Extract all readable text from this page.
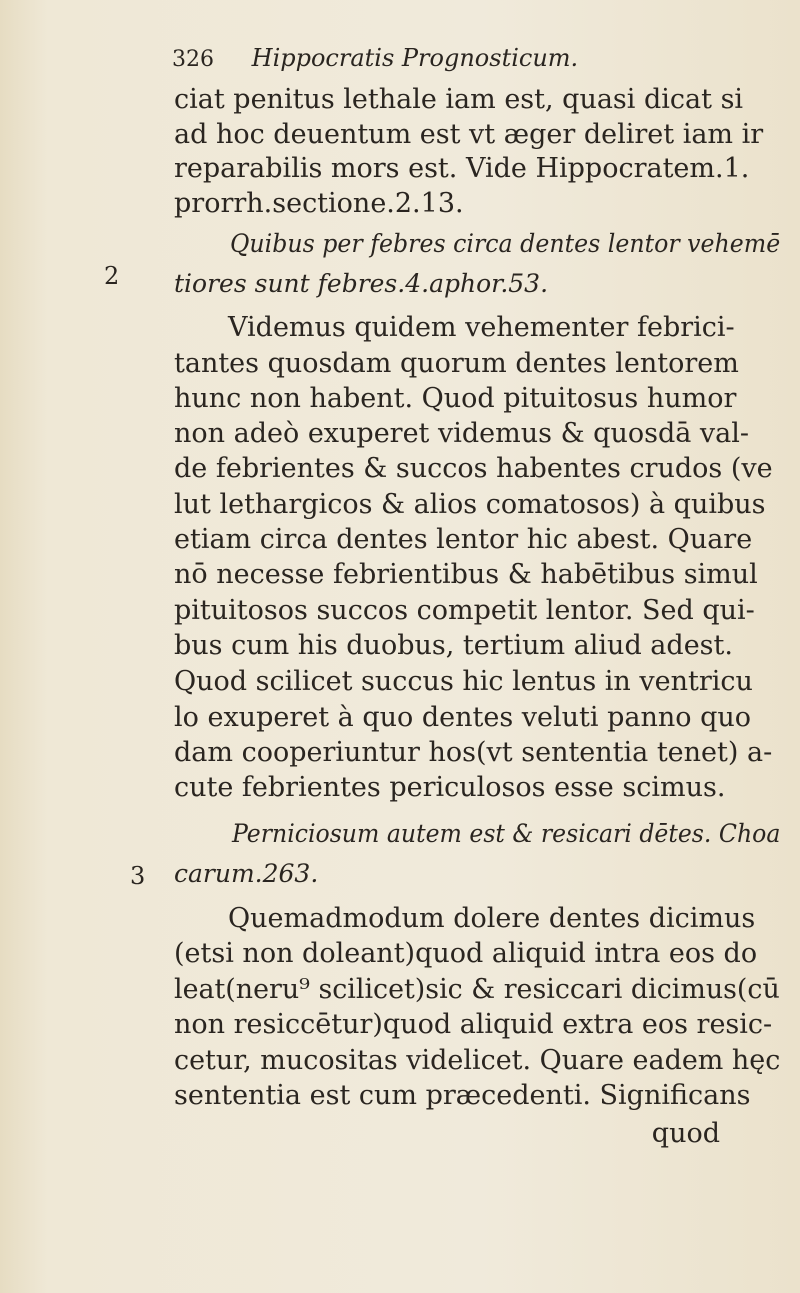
326 Hippocratis Prognosticum.
2
3
ciat penitus lethale iam est, quasi dicat si
ad hoc deuentum est vt æger deliret iam ir
reparabilis mors est. Vide Hippocratem.1.
prorrh.sectione.2.13.
Quibus per febres circa dentes lentor vehemē
tiores sunt febres.4.aphor.53.
Videmus quidem vehementer febrici-
tantes quosdam quorum dentes lentorem
hunc non habent. Quod pituitosus humor
non adeò exuperet videmus & quosdā val-
de febrientes & succos habentes crudos (ve
lut lethargicos & alios comatosos) à quibus
etiam circa dentes lentor hic abest. Quare
nō necesse febrientibus & habētibus simul
pituitosos succos competit lentor. Sed qui-
bus cum his duobus, tertium aliud adest.
Quod scilicet succus hic lentus in ventricu
lo exuperet à quo dentes veluti panno quo
dam cooperiuntur hos(vt sententia tenet) a-
cute febrientes periculosos esse scimus.
Perniciosum autem est & resicari dētes. Choa
carum.263.
Quemadmodum dolere dentes dicimus
(etsi non doleant)quod aliquid intra eos do
leat(neru⁹ scilicet)sic & resiccari dicimus(cū
non resiccētur)quod aliquid extra eos resic-
cetur, mucositas videlicet. Quare eadem hęc
sententia est cum præcedenti. Significans
quod
